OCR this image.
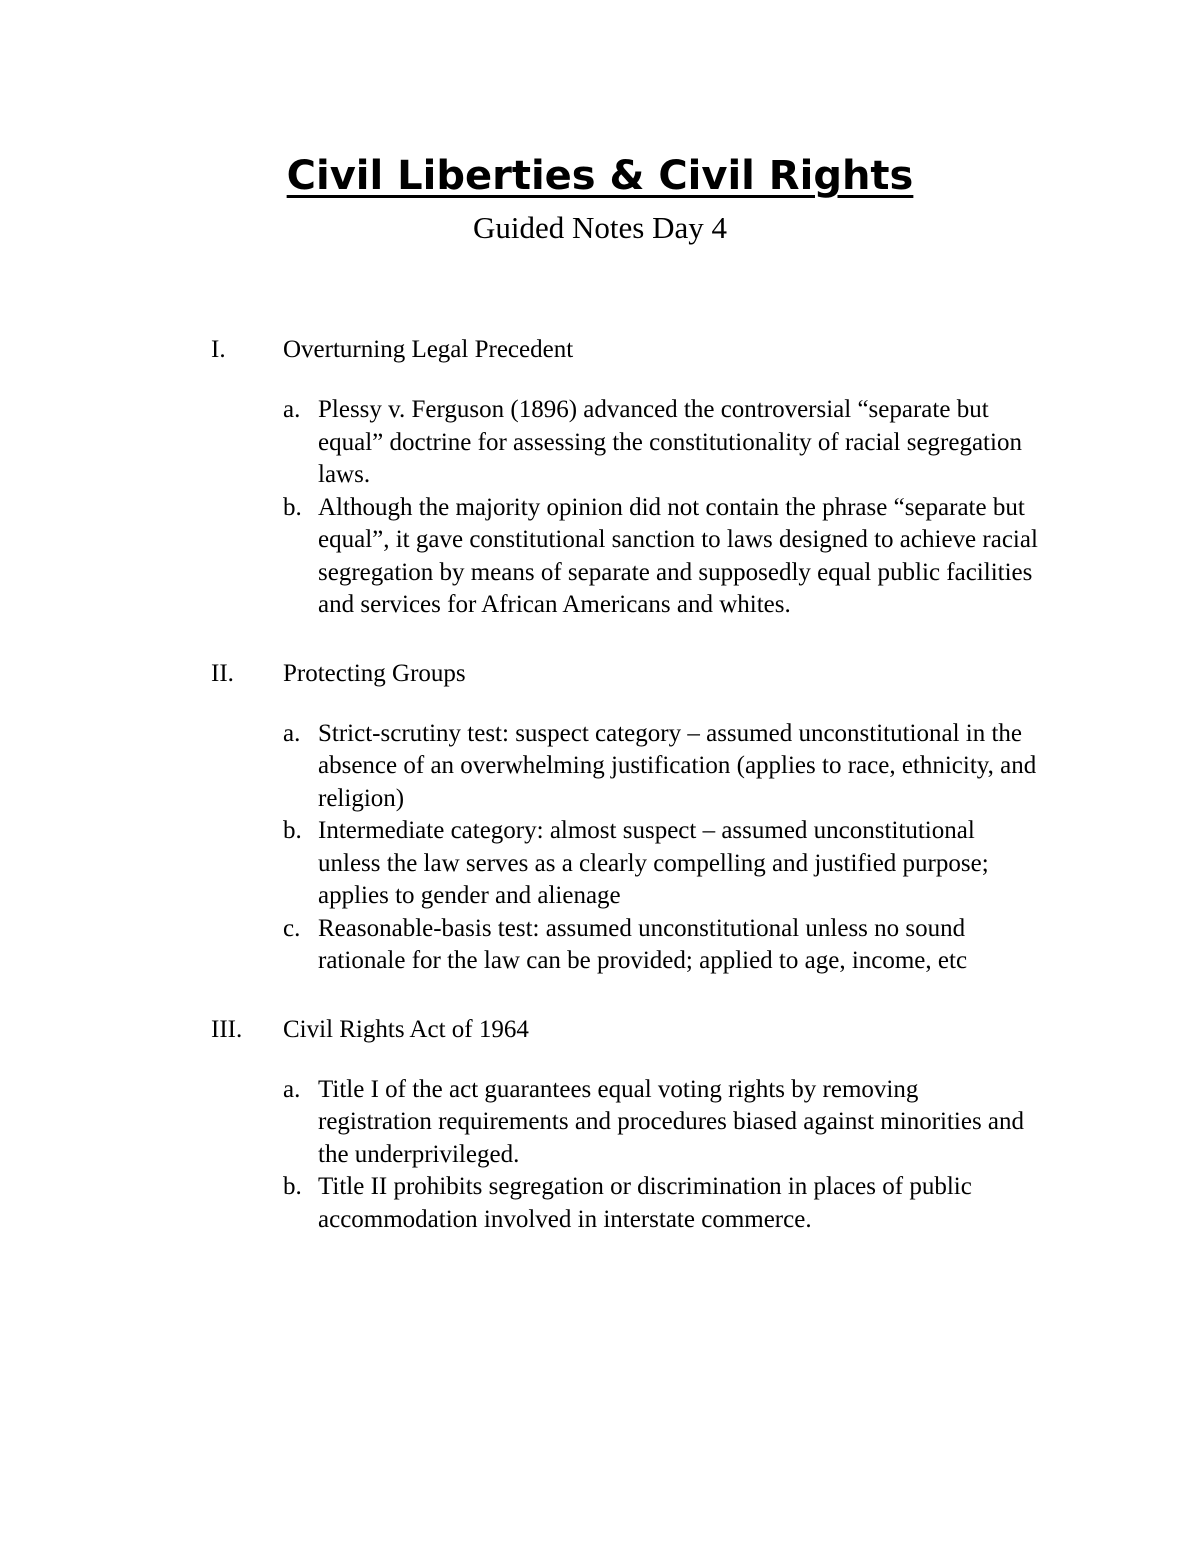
Civil Liberties & Civil Rights
Guided Notes Day 4
I. Overturning Legal Precedent
a. Plessy v. Ferguson (1896) advanced the controversial “separate but equal” doctrine for assessing the constitutionality of racial segregation laws.
b. Although the majority opinion did not contain the phrase “separate but equal”, it gave constitutional sanction to laws designed to achieve racial segregation by means of separate and supposedly equal public facilities and services for African Americans and whites.
II. Protecting Groups
a. Strict-scrutiny test: suspect category – assumed unconstitutional in the absence of an overwhelming justification (applies to race, ethnicity, and religion)
b. Intermediate category: almost suspect – assumed unconstitutional unless the law serves as a clearly compelling and justified purpose; applies to gender and alienage
c. Reasonable-basis test: assumed unconstitutional unless no sound rationale for the law can be provided; applied to age, income, etc
III. Civil Rights Act of 1964
a. Title I of the act guarantees equal voting rights by removing registration requirements and procedures biased against minorities and the underprivileged.
b. Title II prohibits segregation or discrimination in places of public accommodation involved in interstate commerce.
